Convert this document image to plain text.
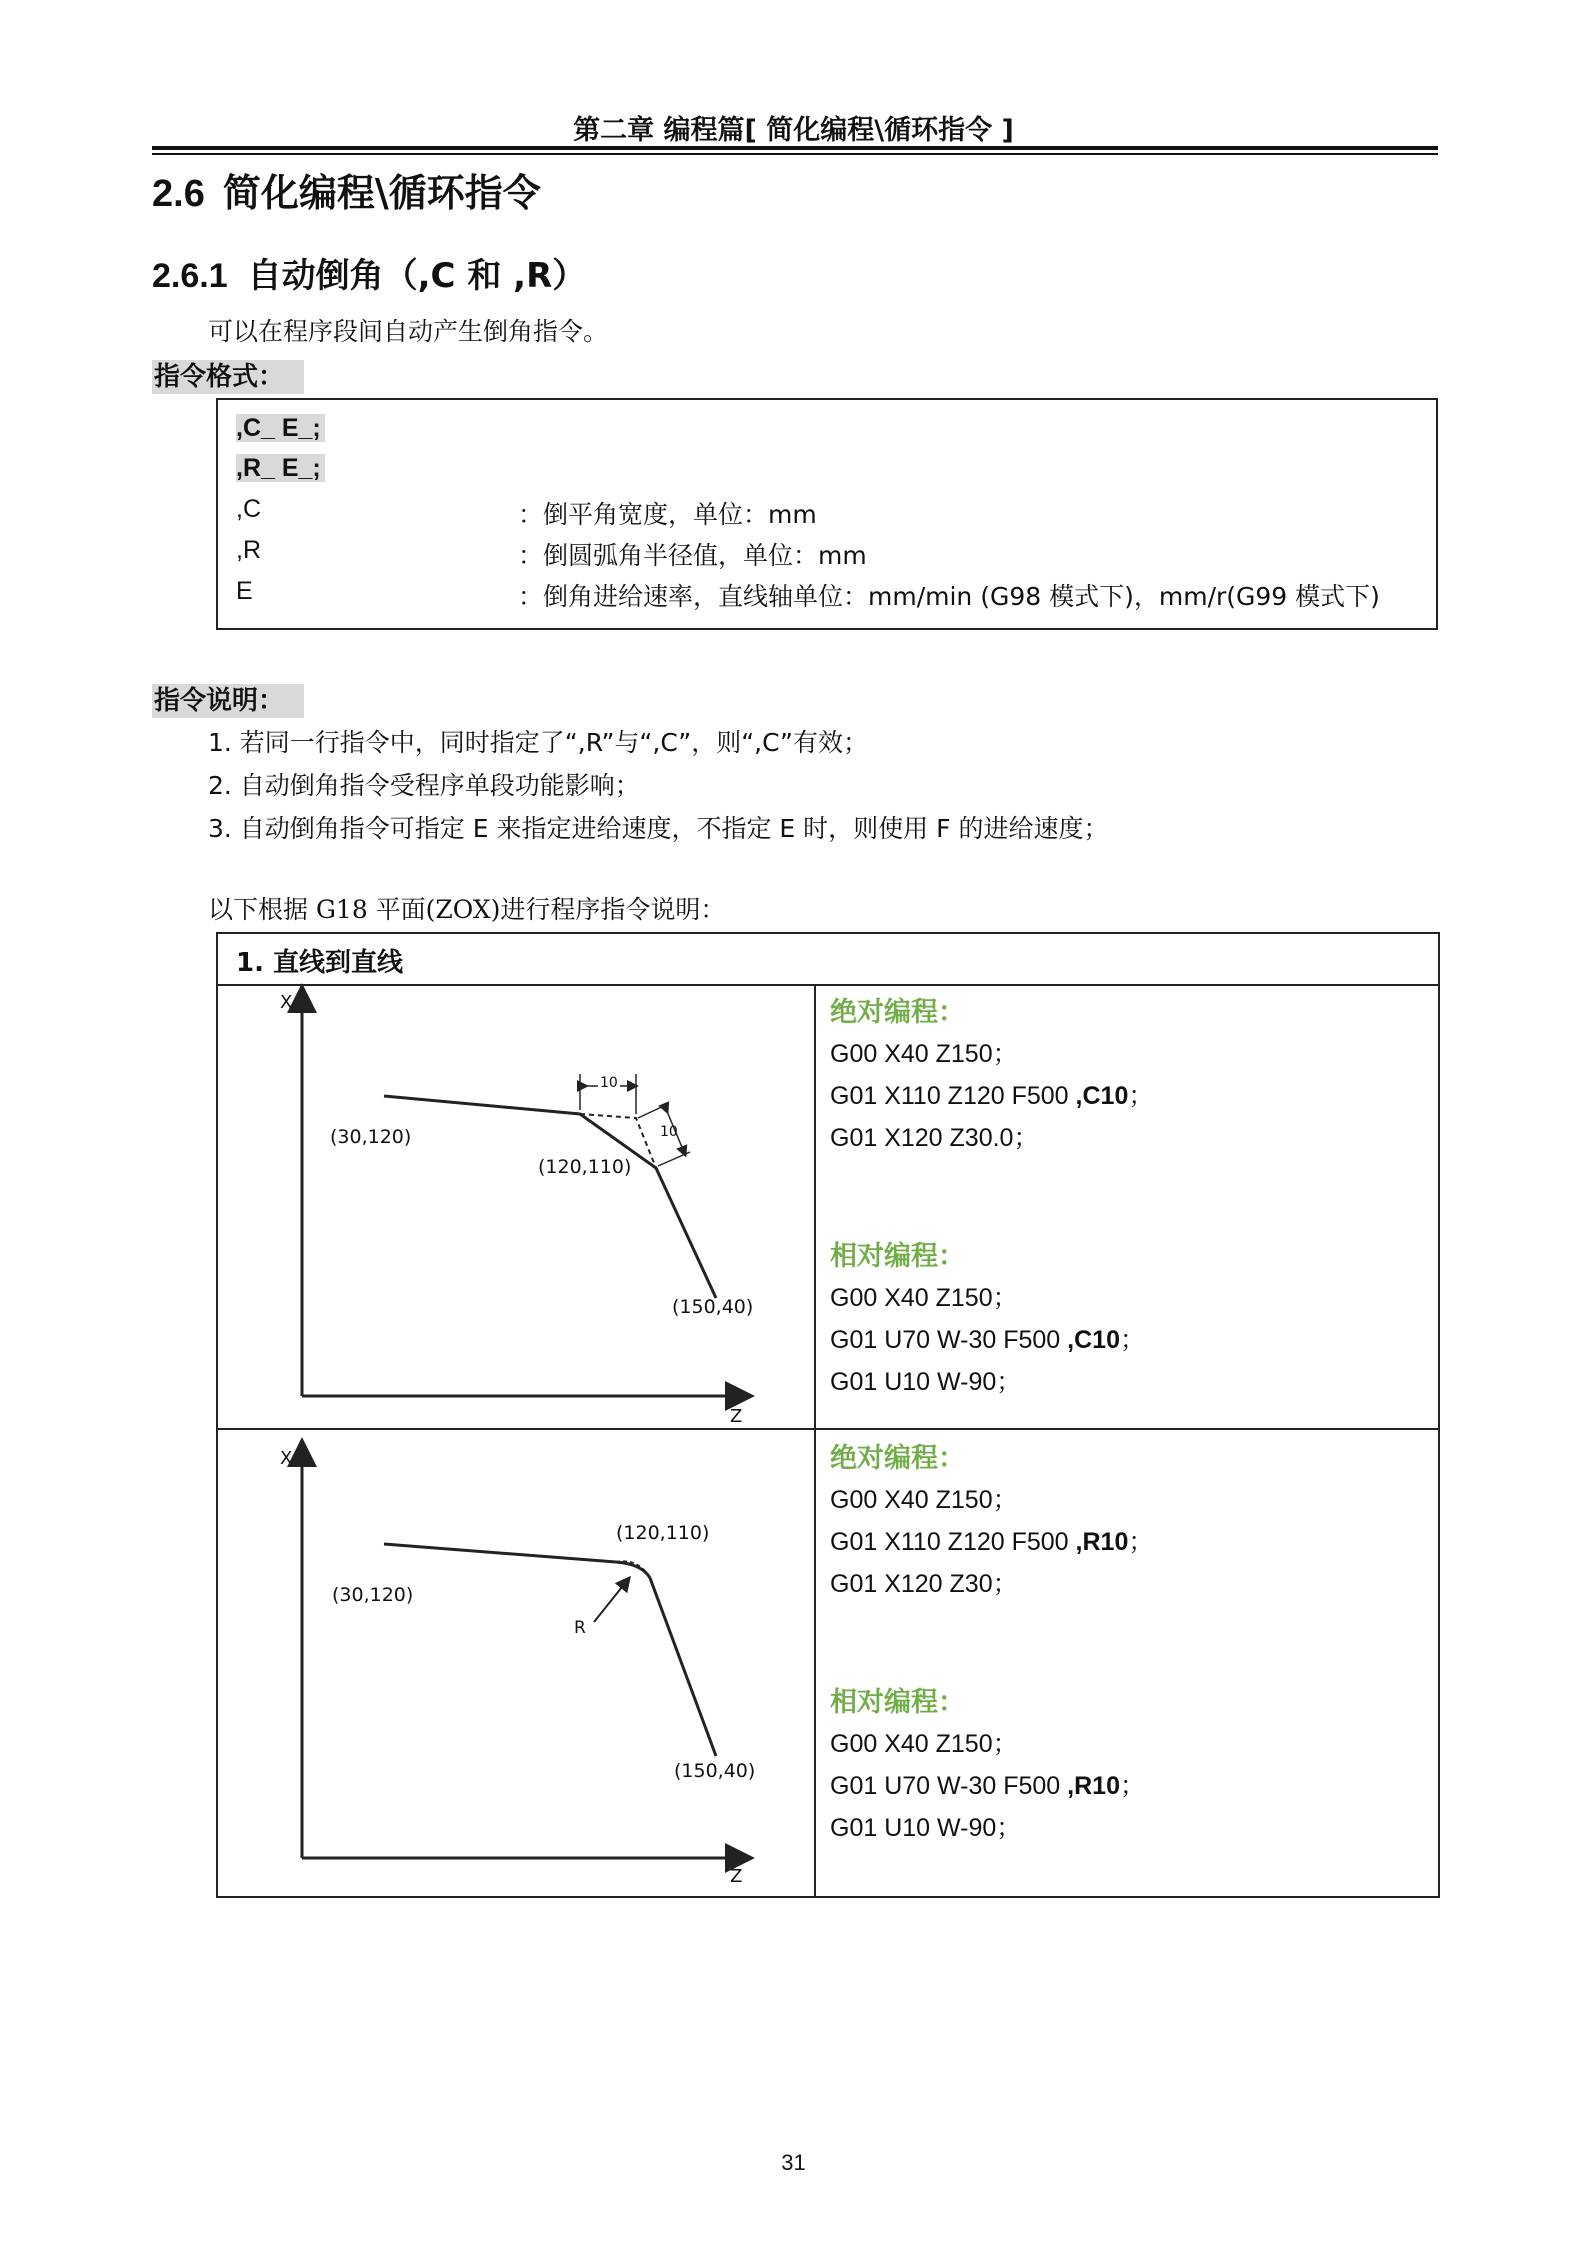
第二章 编程篇[ 简化编程\循环指令 ]
2.6 简化编程\循环指令
2.6.1 自动倒角（,C 和 ,R）
可以在程序段间自动产生倒角指令。
指令格式：
,C_ E_;
,R_ E_;
,C	：倒平角宽度，单位：mm
,R	：倒圆弧角半径值，单位：mm
E	：倒角进给速率，直线轴单位：mm/min (G98 模式下)，mm/r(G99 模式下)
指令说明：
1. 若同一行指令中，同时指定了“,R”与“,C”，则“,C”有效；
2. 自动倒角指令受程序单段功能影响；
3. 自动倒角指令可指定 E 来指定进给速度，不指定 E 时，则使用 F 的进给速度；
以下根据 G18 平面(ZOX)进行程序指令说明：
1. 直线到直线
X
Z
(30,120)
(120,110)
(150,40)
10
10
绝对编程：
G00 X40 Z150；
G01 X110 Z120 F500 ,C10；
G01 X120 Z30.0；
相对编程：
G00 X40 Z150；
G01 U70 W-30 F500 ,C10；
G01 U10 W-90；
X
Z
(30,120)
(120,110)
(150,40)
R
绝对编程：
G00 X40 Z150；
G01 X110 Z120 F500 ,R10；
G01 X120 Z30；
相对编程：
G00 X40 Z150；
G01 U70 W-30 F500 ,R10；
G01 U10 W-90；
31
